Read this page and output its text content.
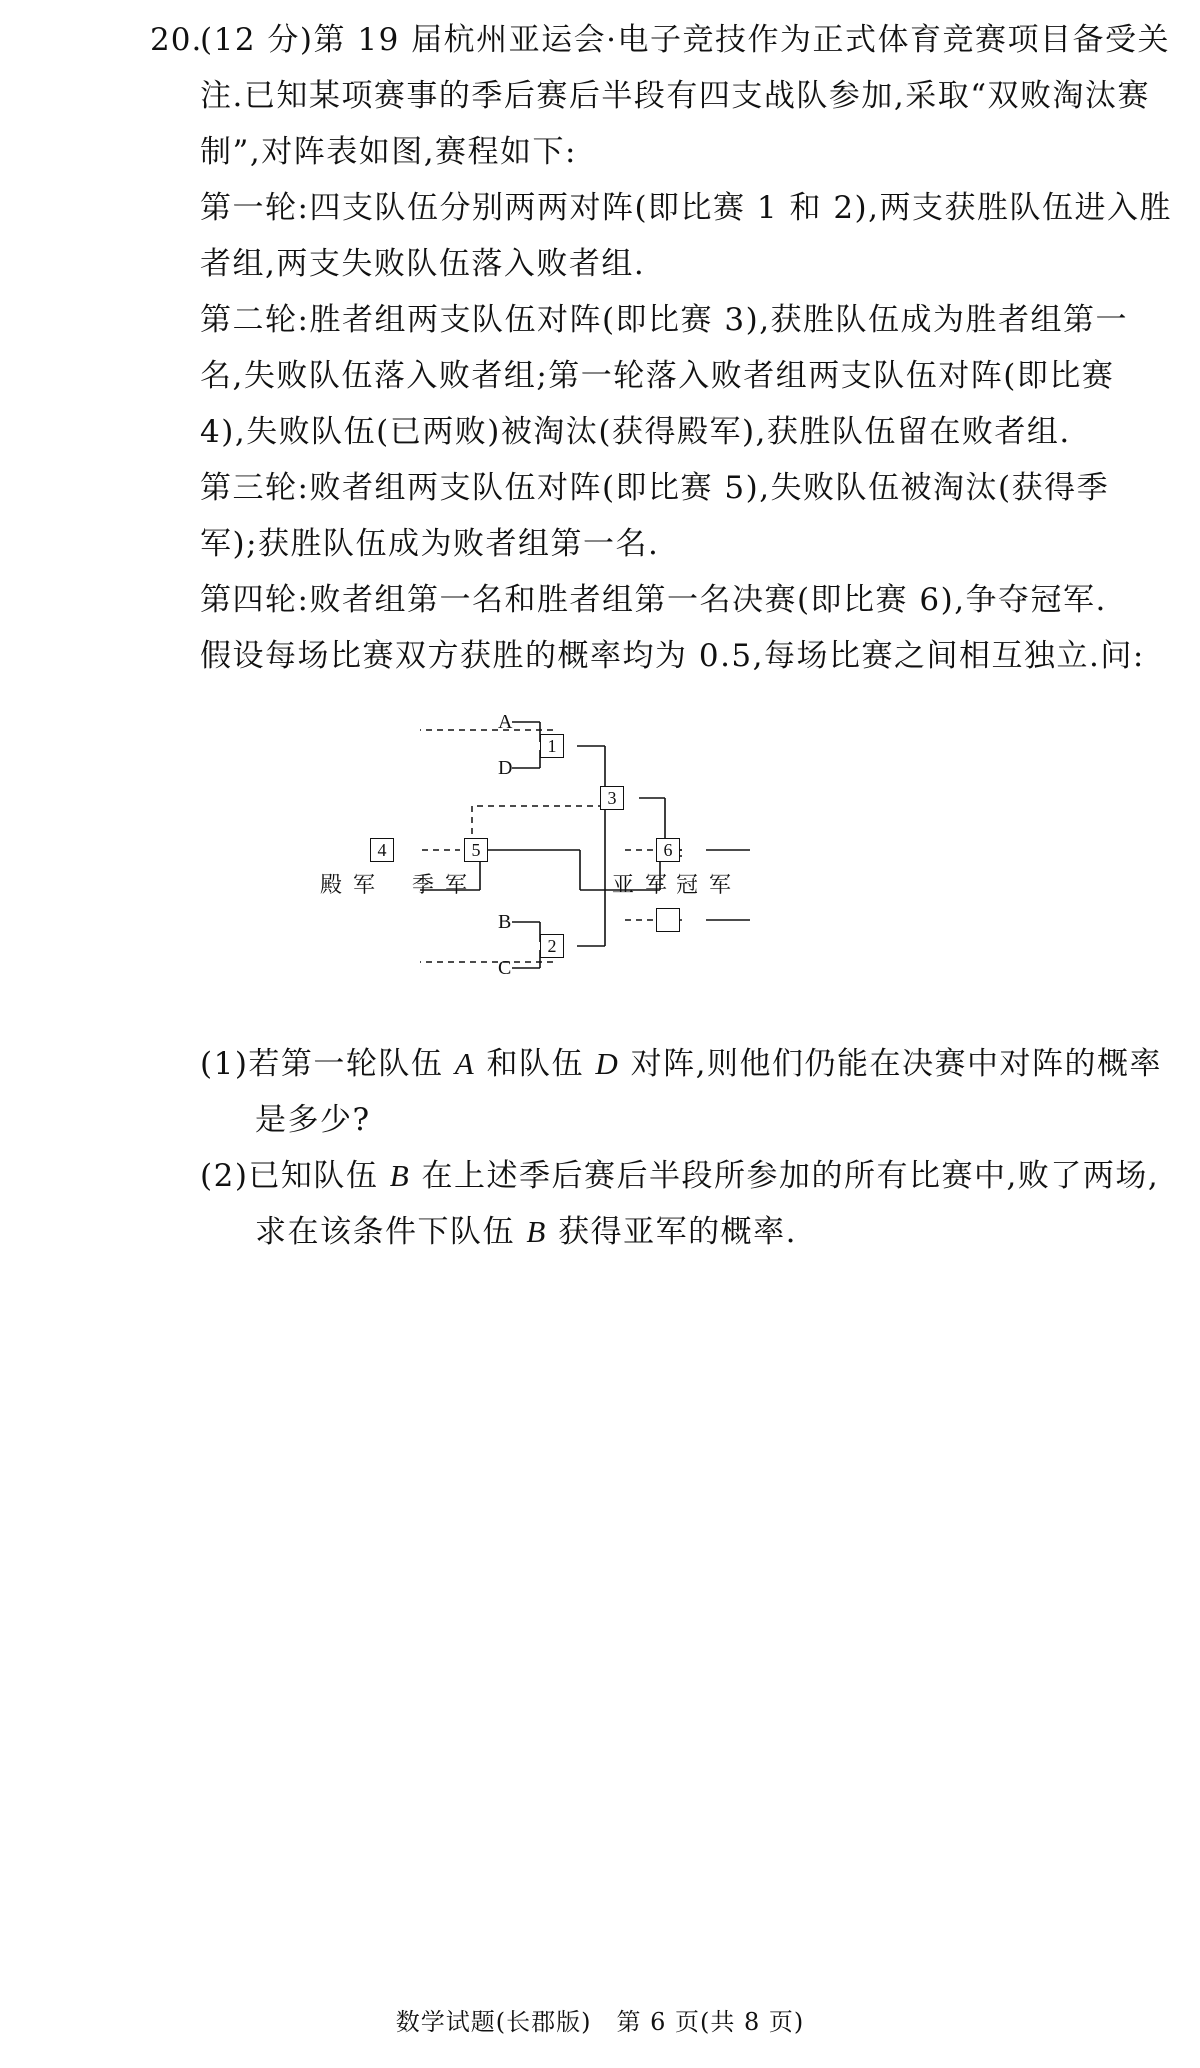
20.
(12 分)第 19 届杭州亚运会·电子竞技作为正式体育竞赛项目备受关
注.已知某项赛事的季后赛后半段有四支战队参加,采取“双败淘汰赛
制”,对阵表如图,赛程如下:
第一轮:四支队伍分别两两对阵(即比赛 1 和 2),两支获胜队伍进入胜
者组,两支失败队伍落入败者组.
第二轮:胜者组两支队伍对阵(即比赛 3),获胜队伍成为胜者组第一
名,失败队伍落入败者组;第一轮落入败者组两支队伍对阵(即比赛
4),失败队伍(已两败)被淘汰(获得殿军),获胜队伍留在败者组.
第三轮:败者组两支队伍对阵(即比赛 5),失败队伍被淘汰(获得季
军);获胜队伍成为败者组第一名.
第四轮:败者组第一名和胜者组第一名决赛(即比赛 6),争夺冠军.
假设每场比赛双方获胜的概率均为 0.5,每场比赛之间相互独立.问:
A
D
B
C
1
2
3
4	5	6
殿 军 季 军	亚 军 冠 军
(1)若第一轮队伍 A 和队伍 D 对阵,则他们仍能在决赛中对阵的概率
是多少?
(2)已知队伍 B 在上述季后赛后半段所参加的所有比赛中,败了两场,
求在该条件下队伍 B 获得亚军的概率.
数学试题(长郡版)　第 6 页(共 8 页)
